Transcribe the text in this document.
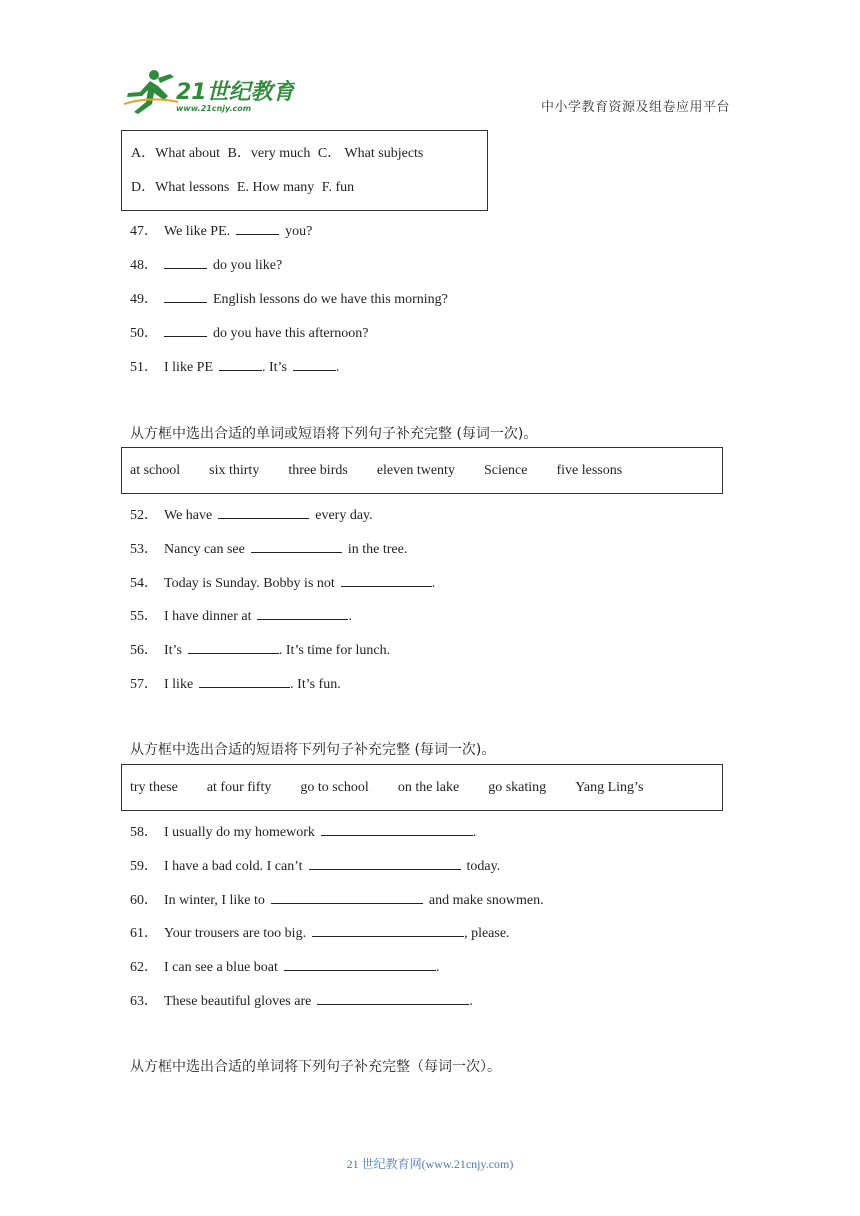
21世纪教育
www.21cnjy.com	中小学教育资源及组卷应用平台
A．What about B．very much C． What subjects
D．What lessons E. How many F. fun
47． We like PE.	you?
48．	do you like?
49．	English lessons do we have this morning?
50．	do you have this afternoon?
51． I like PE	. It’s	.
从方框中选出合适的单词或短语将下列句子补充完整 (每词一次)。
at school six thirty three birds eleven twenty Science five lessons
52． We have	every day.
53． Nancy can see	in the tree.
54． Today is Sunday. Bobby is not	.
55． I have dinner at	.
56． It’s	. It’s time for lunch.
57． I like	. It’s fun.
从方框中选出合适的短语将下列句子补充完整 (每词一次)。
try these at four fifty go to school on the lake go skating Yang Ling’s
58． I usually do my homework	.
59． I have a bad cold. I can’t	today.
60． In winter, I like to	and make snowmen.
61． Your trousers are too big.	, please.
62． I can see a blue boat	.
63． These beautiful gloves are	.
从方框中选出合适的单词将下列句子补充完整（每词一次）。
21 世纪教育网(www.21cnjy.com)
